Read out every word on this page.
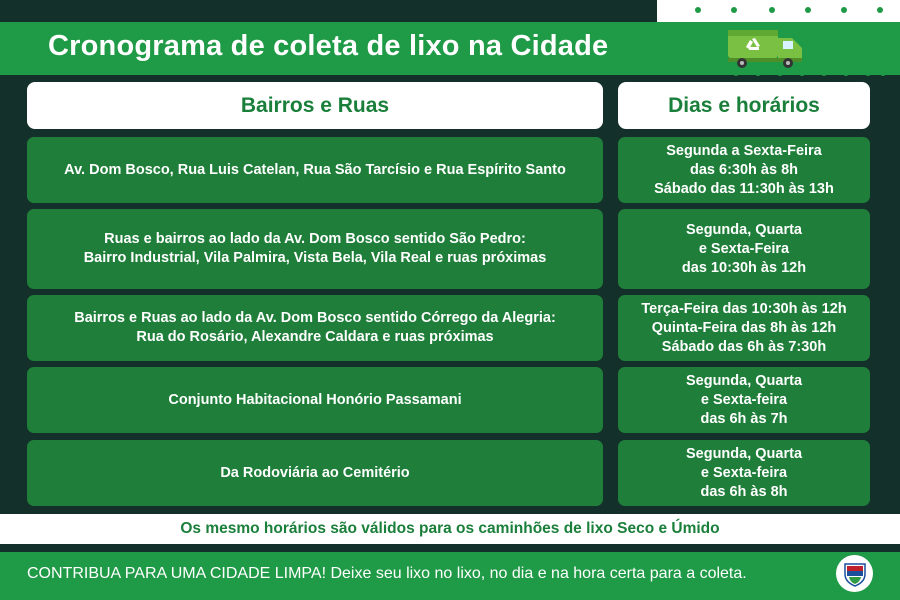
Cronograma de coleta de lixo na Cidade
Bairros e Ruas	Dias e horários
Av. Dom Bosco, Rua Luis Catelan, Rua São Tarcísio e Rua Espírito Santo
Segunda a Sexta-Feira
das 6:30h às 8h
Sábado das 11:30h às 13h
Ruas e bairros ao lado da Av. Dom Bosco sentido São Pedro:
Bairro Industrial, Vila Palmira, Vista Bela, Vila Real e ruas próximas
Segunda, Quarta
e Sexta-Feira
das 10:30h às 12h
Bairros e Ruas ao lado da Av. Dom Bosco sentido Córrego da Alegria:
Rua do Rosário, Alexandre Caldara e ruas próximas
Terça-Feira das 10:30h às 12h
Quinta-Feira das 8h às 12h
Sábado das 6h às 7:30h
Conjunto Habitacional Honório Passamani
Segunda, Quarta
e Sexta-feira
das 6h às 7h
Da Rodoviária ao Cemitério
Segunda, Quarta
e Sexta-feira
das 6h às 8h
Os mesmo horários são válidos para os caminhões de lixo Seco e Úmido
CONTRIBUA PARA UMA CIDADE LIMPA! Deixe seu lixo no lixo, no dia e na hora certa para a coleta.
